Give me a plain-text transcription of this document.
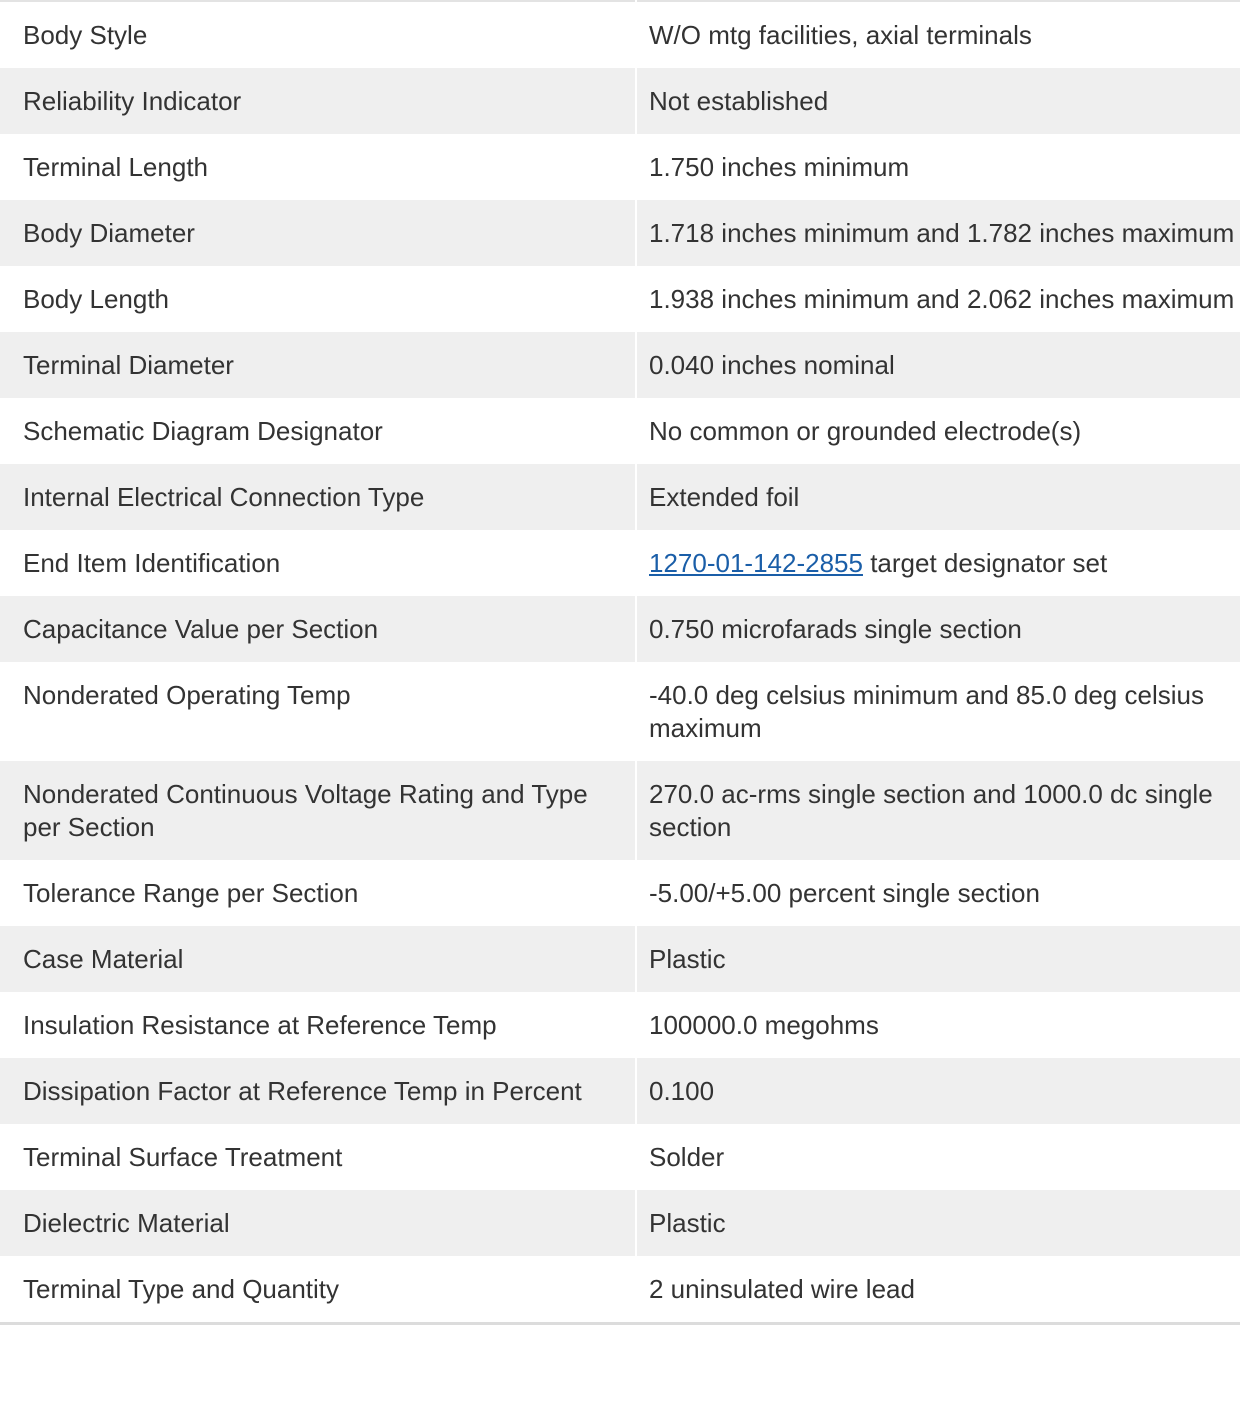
Body Style	W/O mtg facilities, axial terminals
Reliability Indicator	Not established
Terminal Length	1.750 inches minimum
Body Diameter	1.718 inches minimum and 1.782 inches maximum
Body Length	1.938 inches minimum and 2.062 inches maximum
Terminal Diameter	0.040 inches nominal
Schematic Diagram Designator	No common or grounded electrode(s)
Internal Electrical Connection Type	Extended foil
End Item Identification	1270-01-142-2855 target designator set
Capacitance Value per Section	0.750 microfarads single section
Nonderated Operating Temp	-40.0 deg celsius minimum and 85.0 deg celsius maximum
Nonderated Continuous Voltage Rating and Type per Section	270.0 ac-rms single section and 1000.0 dc single section
Tolerance Range per Section	-5.00/+5.00 percent single section
Case Material	Plastic
Insulation Resistance at Reference Temp	100000.0 megohms
Dissipation Factor at Reference Temp in Percent	0.100
Terminal Surface Treatment	Solder
Dielectric Material	Plastic
Terminal Type and Quantity	2 uninsulated wire lead
